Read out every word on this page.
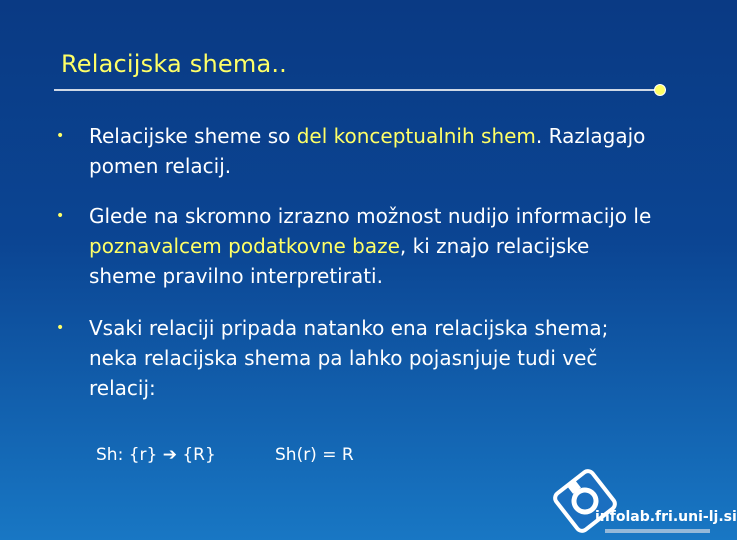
Relacijska shema..
• Relacijske sheme so del konceptualnih shem. Razlagajo pomen relacij.
• Glede na skromno izrazno možnost nudijo informacijo le poznavalcem podatkovne baze, ki znajo relacijske sheme pravilno interpretirati.
• Vsaki relaciji pripada natanko ena relacijska shema; neka relacijska shema pa lahko pojasnjuje tudi več relacij:
Sh: {r} ➔ {R}	Sh(r) = R
infolab.fri.uni-lj.si
